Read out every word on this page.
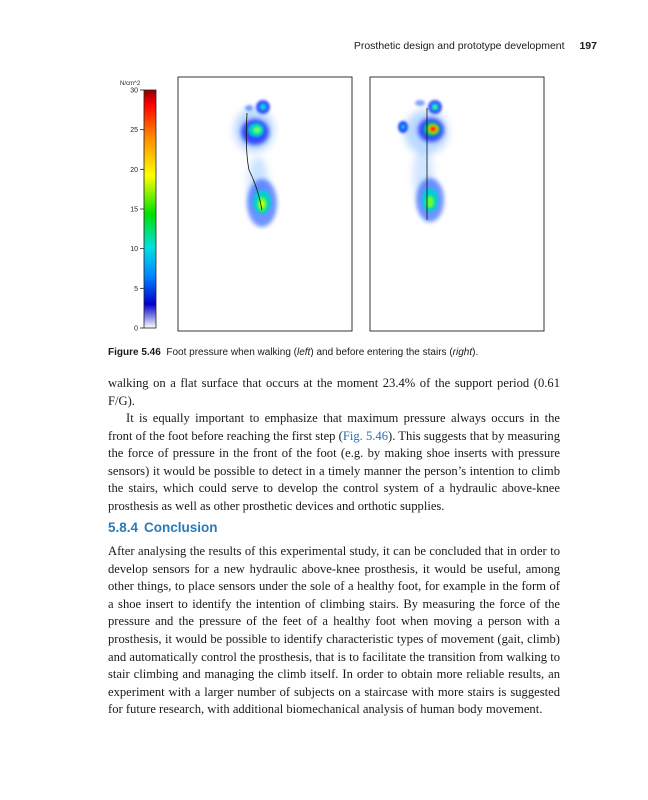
Prosthetic design and prototype development 197
N/cm^2
30
25
20
15
10
5
0
Figure 5.46 Foot pressure when walking (left) and before entering the stairs (right).

walking on a flat surface that occurs at the moment 23.4% of the support period (0.61 F/G).

It is equally important to emphasize that maximum pressure always occurs in the front of the foot before reaching the first step (Fig. 5.46). This suggests that by measuring the force of pressure in the front of the foot (e.g. by making shoe inserts with pressure sensors) it would be possible to detect in a timely manner the person’s intention to climb the stairs, which could serve to develop the control system of a hydraulic above-knee prosthesis as well as other prosthetic devices and orthotic supplies.

5.8.4 Conclusion

After analysing the results of this experimental study, it can be concluded that in order to develop sensors for a new hydraulic above-knee prosthesis, it would be useful, among other things, to place sensors under the sole of a healthy foot, for example in the form of a shoe insert to identify the intention of climbing stairs. By measuring the force of the pressure and the pressure of the feet of a healthy foot when moving a person with a prosthesis, it would be possible to identify characteristic types of movement (gait, climb) and automatically control the prosthesis, that is to facilitate the transition from walking to stair climbing and managing the climb itself. In order to obtain more reliable results, an experiment with a larger number of subjects on a staircase with more stairs is suggested for future research, with additional biomechanical analysis of human body movement.
